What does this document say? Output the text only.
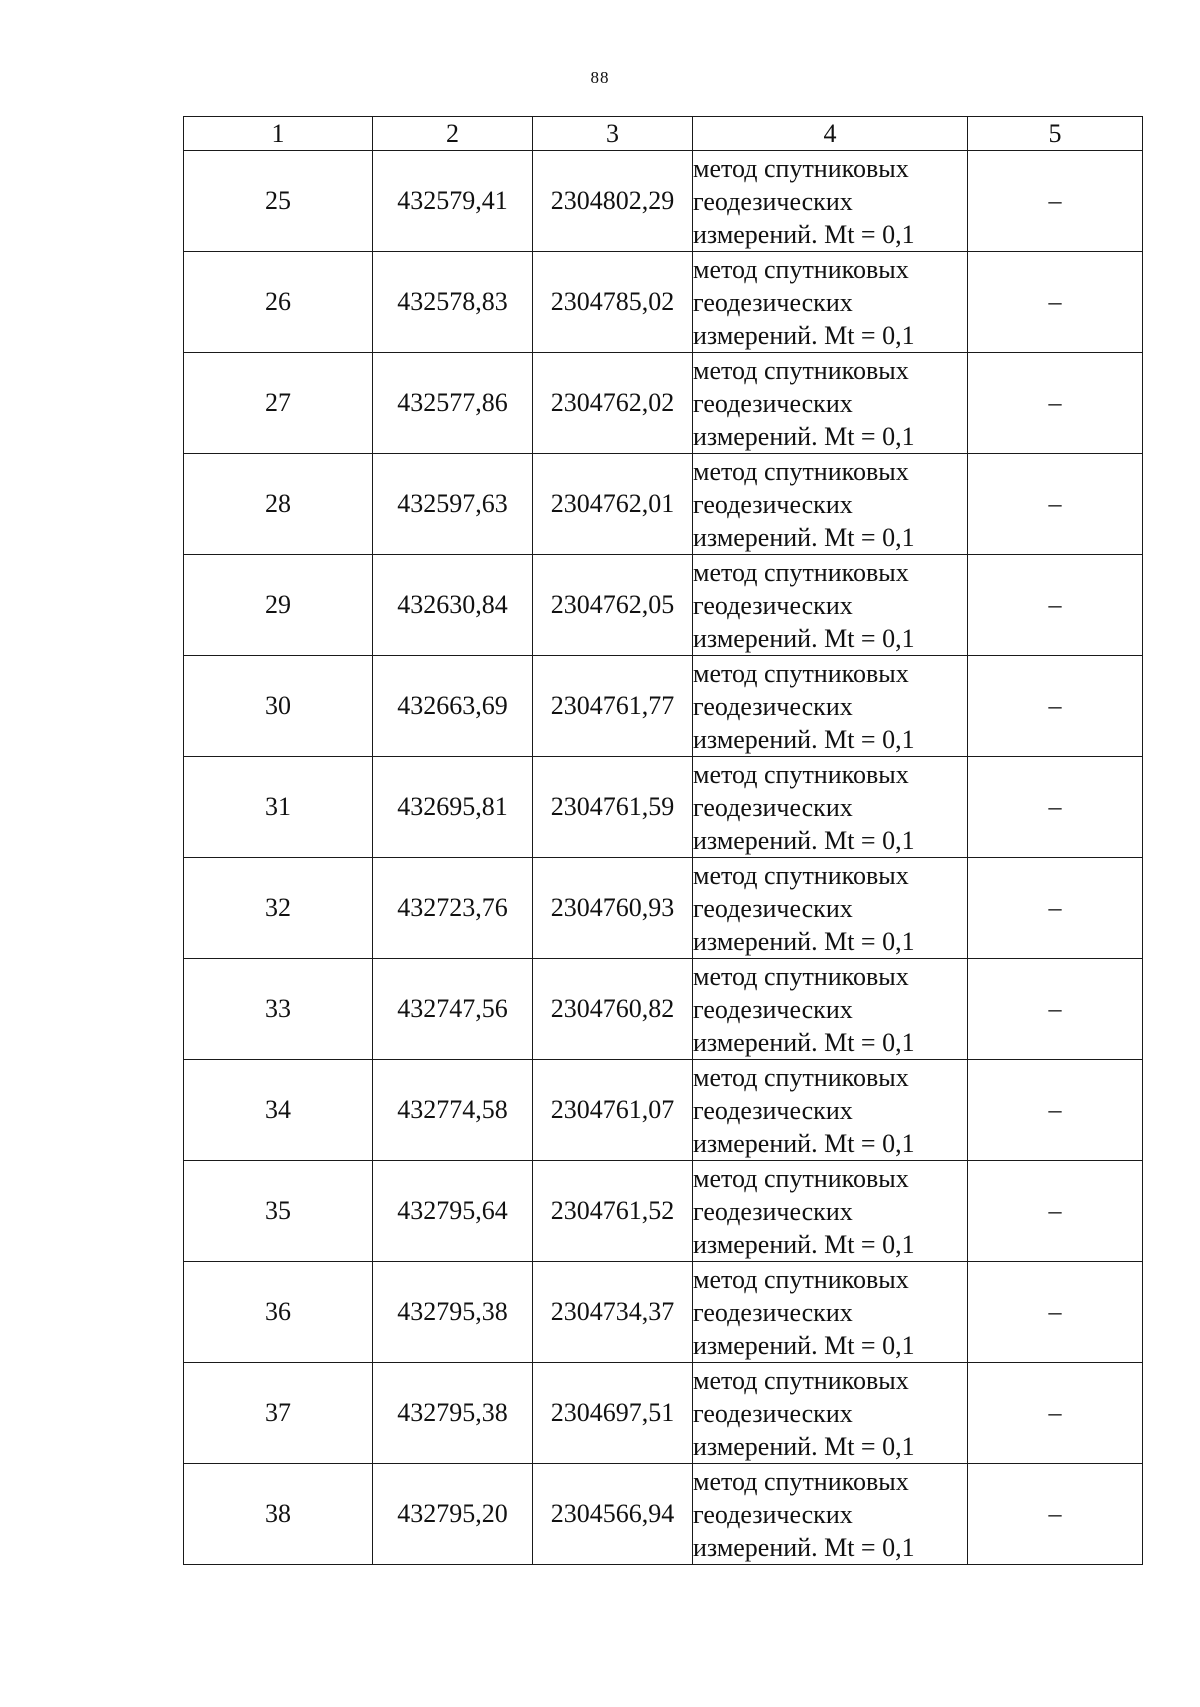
88
1	2	3	4	5
25	432579,41	2304802,29	метод спутниковых
геодезических
измерений. Mt = 0,1	–
26	432578,83	2304785,02	метод спутниковых
геодезических
измерений. Mt = 0,1	–
27	432577,86	2304762,02	метод спутниковых
геодезических
измерений. Mt = 0,1	–
28	432597,63	2304762,01	метод спутниковых
геодезических
измерений. Mt = 0,1	–
29	432630,84	2304762,05	метод спутниковых
геодезических
измерений. Mt = 0,1	–
30	432663,69	2304761,77	метод спутниковых
геодезических
измерений. Mt = 0,1	–
31	432695,81	2304761,59	метод спутниковых
геодезических
измерений. Mt = 0,1	–
32	432723,76	2304760,93	метод спутниковых
геодезических
измерений. Mt = 0,1	–
33	432747,56	2304760,82	метод спутниковых
геодезических
измерений. Mt = 0,1	–
34	432774,58	2304761,07	метод спутниковых
геодезических
измерений. Mt = 0,1	–
35	432795,64	2304761,52	метод спутниковых
геодезических
измерений. Mt = 0,1	–
36	432795,38	2304734,37	метод спутниковых
геодезических
измерений. Mt = 0,1	–
37	432795,38	2304697,51	метод спутниковых
геодезических
измерений. Mt = 0,1	–
38	432795,20	2304566,94	метод спутниковых
геодезических
измерений. Mt = 0,1	–
